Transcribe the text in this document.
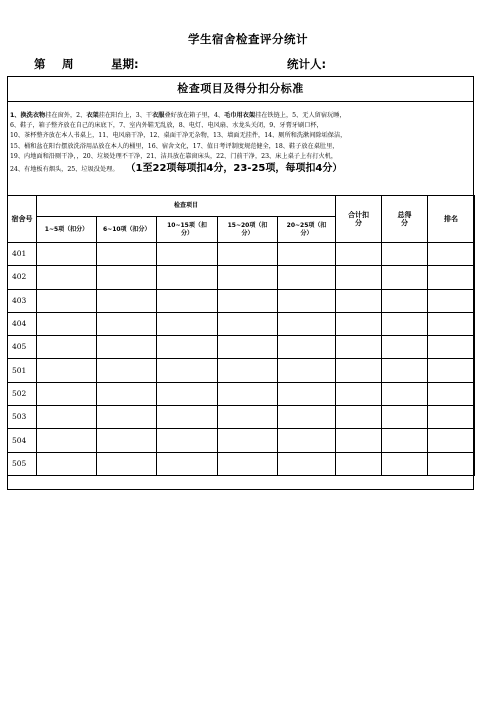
学生宿舍检查评分统计
第 周	星期:	统计人:
检查项目及得分扣分标准
1、换洗衣物挂在窗外，2、衣架挂在阳台上，3、干衣服叠好放在箱子里，4、毛巾用衣架挂在铁链上，5、无人留宿玩睡，
6、鞋子，箱子整齐放在自己的床底下，7、室内外鞋无乱放，8、电灯、电风扇、水龙头关闭，9、牙膏牙刷口杯，
10、茶杯整齐放在本人书桌上，11、电风扇干净，12、桌面干净无杂物，13、墙面无挂件，14、厕所和洗漱间除垢保洁，
15、桶和盆在阳台摆放洗浴用品放在本人的桶里，16、宿舍文化，17、值日考评制度规范健全，18、鞋子放在桌肚里，
19、内地面和沿厕干净，，20、垃圾处理不干净，21、洁具放在靠窗床头，22、门前干净，23、床上桌子上有打火机，
24、有地板有烟头，25、垃圾没处理。 （1至22项每项扣4分，23-25项，每项扣4分）
宿舍号	检查项目					合计扣分	总得分	排名
	1~5项（扣分）	6~10项（扣分）	10~15项（扣分）	15~20项（扣分）	20~25项（扣分）			
401								
402								
403								
404								
405								
501								
502								
503								
504								
505								
